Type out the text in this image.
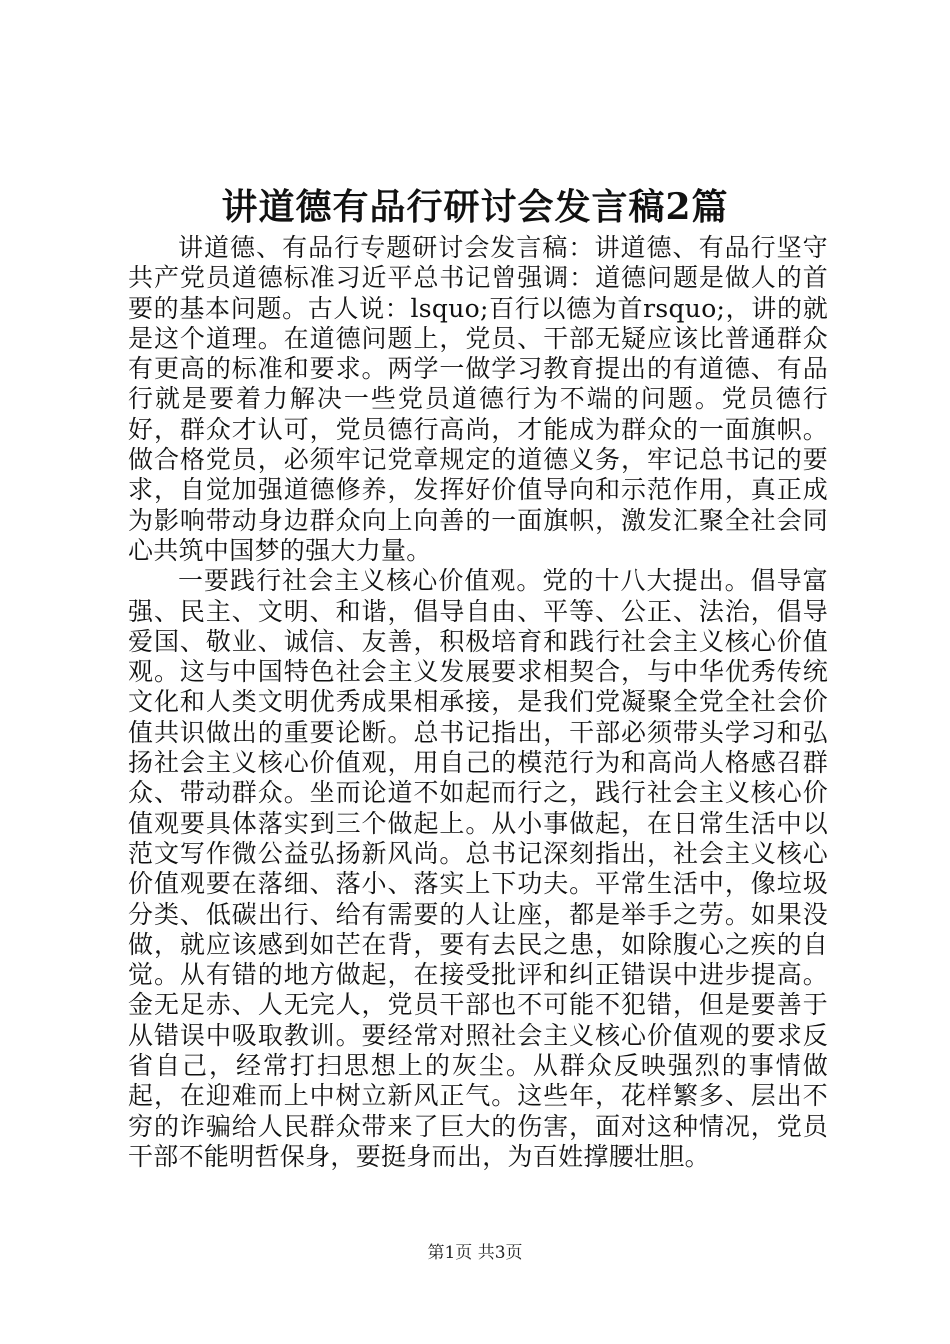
讲道德有品行研讨会发言稿2篇

讲道德、有品行专题研讨会发言稿：讲道德、有品行坚守共产党员道德标准习近平总书记曾强调：道德问题是做人的首要的基本问题。古人说：lsquo;百行以德为首rsquo;，讲的就是这个道理。在道德问题上，党员、干部无疑应该比普通群众有更高的标准和要求。两学一做学习教育提出的有道德、有品行就是要着力解决一些党员道德行为不端的问题。党员德行好，群众才认可，党员德行高尚，才能成为群众的一面旗帜。做合格党员，必须牢记党章规定的道德义务，牢记总书记的要求，自觉加强道德修养，发挥好价值导向和示范作用，真正成为影响带动身边群众向上向善的一面旗帜，激发汇聚全社会同心共筑中国梦的强大力量。

一要践行社会主义核心价值观。党的十八大提出。倡导富强、民主、文明、和谐，倡导自由、平等、公正、法治，倡导爱国、敬业、诚信、友善，积极培育和践行社会主义核心价值观。这与中国特色社会主义发展要求相契合，与中华优秀传统文化和人类文明优秀成果相承接，是我们党凝聚全党全社会价值共识做出的重要论断。总书记指出，干部必须带头学习和弘扬社会主义核心价值观，用自己的模范行为和高尚人格感召群众、带动群众。坐而论道不如起而行之，践行社会主义核心价值观要具体落实到三个做起上。从小事做起，在日常生活中以范文写作微公益弘扬新风尚。总书记深刻指出，社会主义核心价值观要在落细、落小、落实上下功夫。平常生活中，像垃圾分类、低碳出行、给有需要的人让座，都是举手之劳。如果没做，就应该感到如芒在背，要有去民之患，如除腹心之疾的自觉。从有错的地方做起，在接受批评和纠正错误中进步提高。金无足赤、人无完人，党员干部也不可能不犯错，但是要善于从错误中吸取教训。要经常对照社会主义核心价值观的要求反省自己，经常打扫思想上的灰尘。从群众反映强烈的事情做起，在迎难而上中树立新风正气。这些年，花样繁多、层出不穷的诈骗给人民群众带来了巨大的伤害，面对这种情况，党员干部不能明哲保身，要挺身而出，为百姓撑腰壮胆。

第1页 共3页
